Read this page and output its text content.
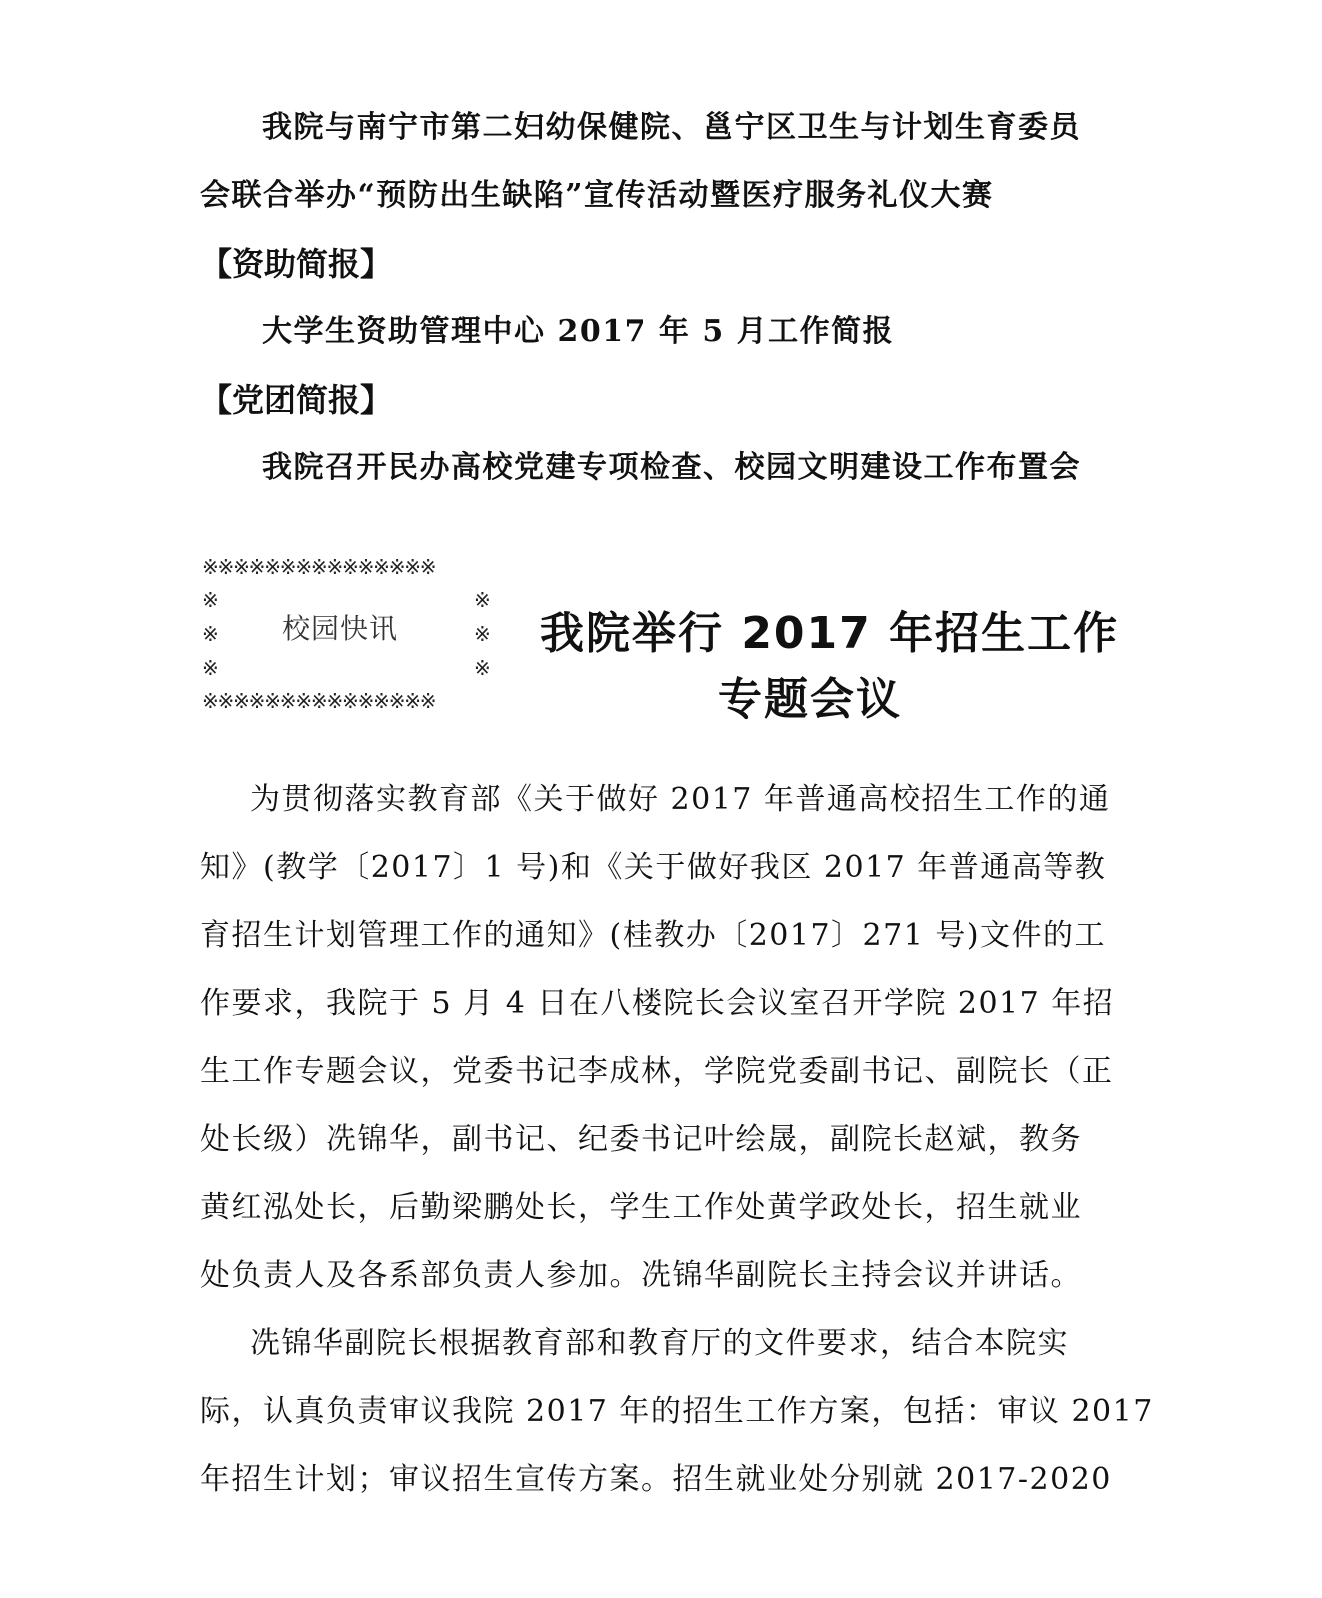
我院与南宁市第二妇幼保健院、邕宁区卫生与计划生育委员
会联合举办“预防出生缺陷”宣传活动暨医疗服务礼仪大赛
【资助简报】
大学生资助管理中心 2017 年 5 月工作简报
【党团简报】
我院召开民办高校党建专项检查、校园文明建设工作布置会
※※※※※※※※※※※※※※※
※
※
※
※
※
※
※※※※※※※※※※※※※※※
校园快讯	我院举行 2017 年招生工作
专题会议
为贯彻落实教育部《关于做好 2017 年普通高校招生工作的通
知》(教学〔2017〕1 号)和《关于做好我区 2017 年普通高等教
育招生计划管理工作的通知》(桂教办〔2017〕271 号)文件的工
作要求，我院于 5 月 4 日在八楼院长会议室召开学院 2017 年招
生工作专题会议，党委书记李成林，学院党委副书记、副院长（正
处长级）冼锦华，副书记、纪委书记叶绘晟，副院长赵斌，教务
黄红泓处长，后勤梁鹏处长，学生工作处黄学政处长，招生就业
处负责人及各系部负责人参加。冼锦华副院长主持会议并讲话。
冼锦华副院长根据教育部和教育厅的文件要求，结合本院实
际，认真负责审议我院 2017 年的招生工作方案，包括：审议 2017
年招生计划；审议招生宣传方案。招生就业处分别就 2017-2020
